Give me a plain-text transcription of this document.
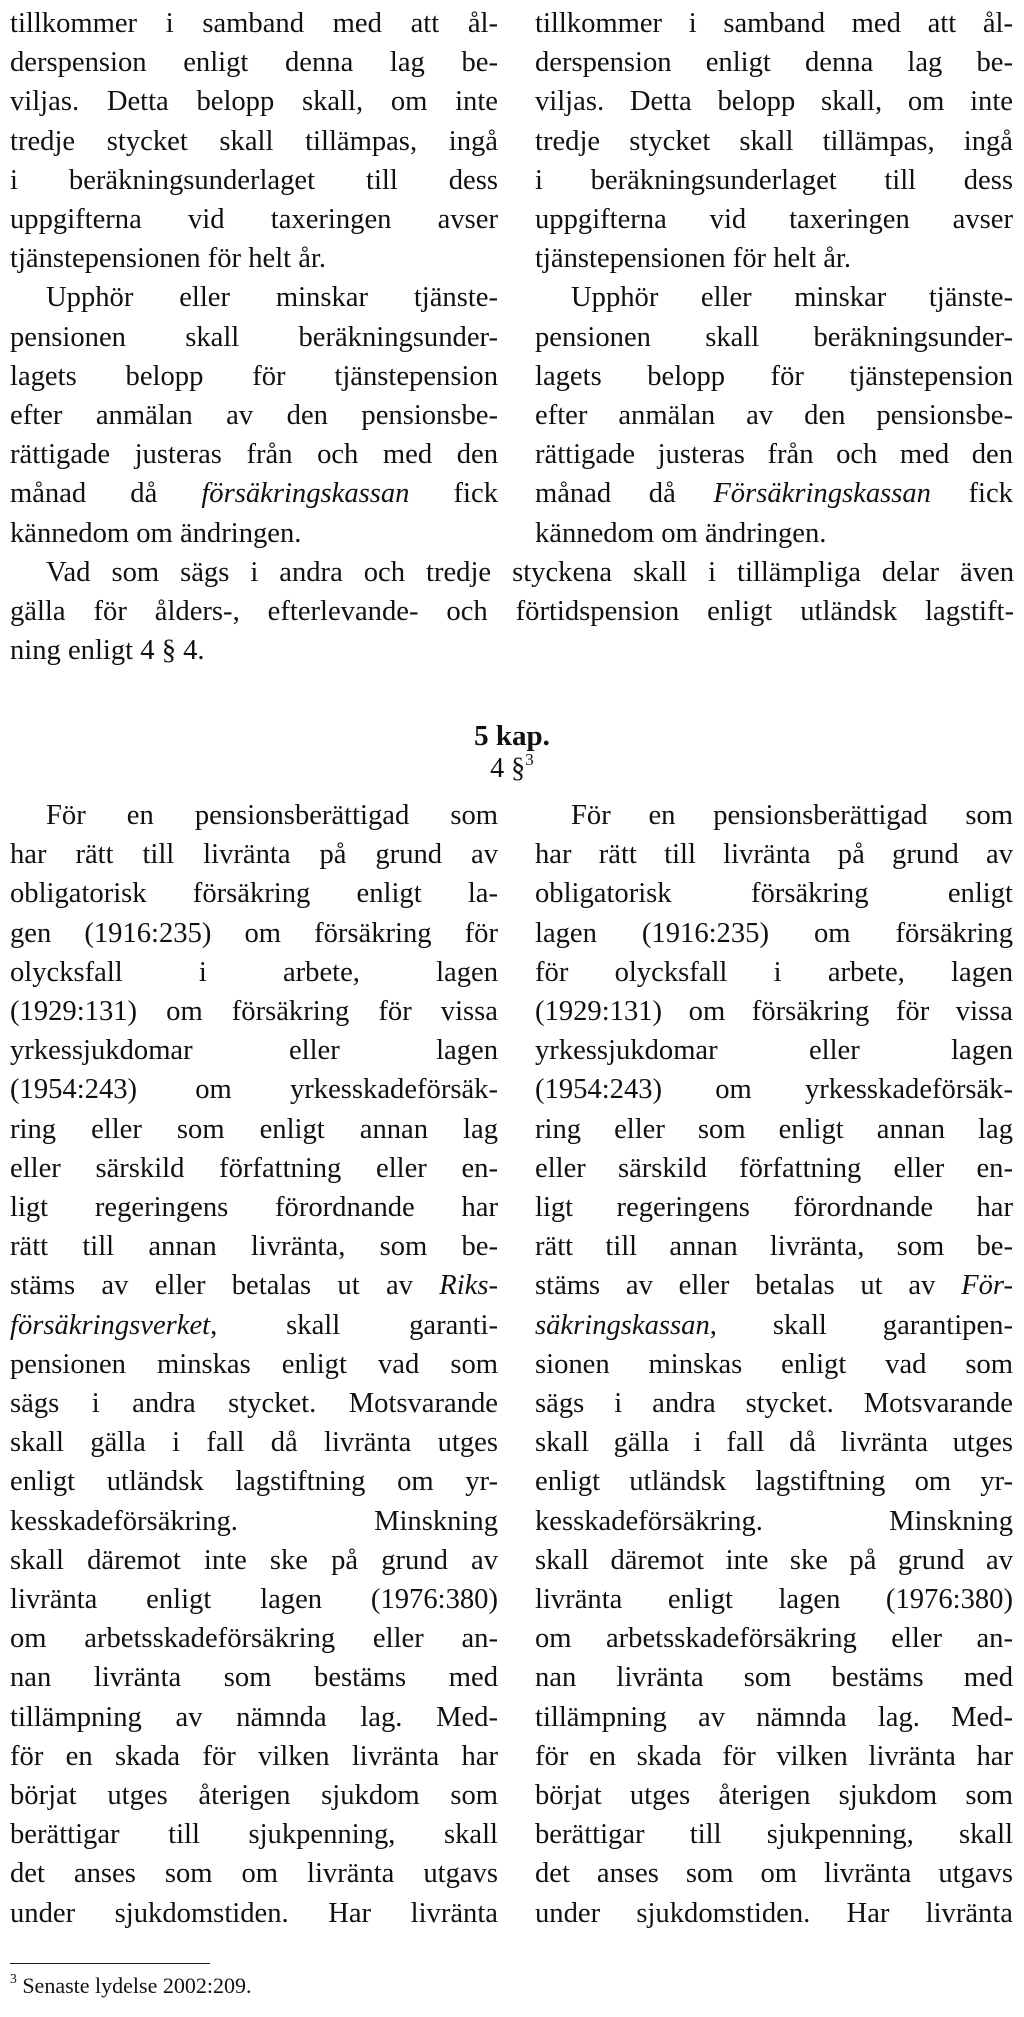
tillkommer i samband med att ål-
derspension enligt denna lag be-
viljas. Detta belopp skall, om inte
tredje stycket skall tillämpas, ingå
i beräkningsunderlaget till dess
uppgifterna vid taxeringen avser
tjänstepensionen för helt år.
Upphör eller minskar tjänste-
pensionen skall beräkningsunder-
lagets belopp för tjänstepension
efter anmälan av den pensionsbe-
rättigade justeras från och med den
månad då försäkringskassan fick
kännedom om ändringen.
tillkommer i samband med att ål-
derspension enligt denna lag be-
viljas. Detta belopp skall, om inte
tredje stycket skall tillämpas, ingå
i beräkningsunderlaget till dess
uppgifterna vid taxeringen avser
tjänstepensionen för helt år.
Upphör eller minskar tjänste-
pensionen skall beräkningsunder-
lagets belopp för tjänstepension
efter anmälan av den pensionsbe-
rättigade justeras från och med den
månad då Försäkringskassan fick
kännedom om ändringen.
Vad som sägs i andra och tredje styckena skall i tillämpliga delar även
gälla för ålders-, efterlevande- och förtidspension enligt utländsk lagstift-
ning enligt 4 § 4.
5 kap.
4 §$^3$
För en pensionsberättigad som
har rätt till livränta på grund av
obligatorisk försäkring enligt la-
gen (1916:235) om försäkring för
olycksfall i arbete, lagen
(1929:131) om försäkring för vissa
yrkessjukdomar eller lagen
(1954:243) om yrkesskadeförsäk-
ring eller som enligt annan lag
eller särskild författning eller en-
ligt regeringens förordnande har
rätt till annan livränta, som be-
stäms av eller betalas ut av Riks-
försäkringsverket, skall garanti-
pensionen minskas enligt vad som
sägs i andra stycket. Motsvarande
skall gälla i fall då livränta utges
enligt utländsk lagstiftning om yr-
kesskadeförsäkring. Minskning
skall däremot inte ske på grund av
livränta enligt lagen (1976:380)
om arbetsskadeförsäkring eller an-
nan livränta som bestäms med
tillämpning av nämnda lag. Med-
för en skada för vilken livränta har
börjat utges återigen sjukdom som
berättigar till sjukpenning, skall
det anses som om livränta utgavs
under sjukdomstiden. Har livränta
För en pensionsberättigad som
har rätt till livränta på grund av
obligatorisk försäkring enligt
lagen (1916:235) om försäkring
för olycksfall i arbete, lagen
(1929:131) om försäkring för vissa
yrkessjukdomar eller lagen
(1954:243) om yrkesskadeförsäk-
ring eller som enligt annan lag
eller särskild författning eller en-
ligt regeringens förordnande har
rätt till annan livränta, som be-
stäms av eller betalas ut av För-
säkringskassan, skall garantipen-
sionen minskas enligt vad som
sägs i andra stycket. Motsvarande
skall gälla i fall då livränta utges
enligt utländsk lagstiftning om yr-
kesskadeförsäkring. Minskning
skall däremot inte ske på grund av
livränta enligt lagen (1976:380)
om arbetsskadeförsäkring eller an-
nan livränta som bestäms med
tillämpning av nämnda lag. Med-
för en skada för vilken livränta har
börjat utges återigen sjukdom som
berättigar till sjukpenning, skall
det anses som om livränta utgavs
under sjukdomstiden. Har livränta
$^3$ Senaste lydelse 2002:209.
